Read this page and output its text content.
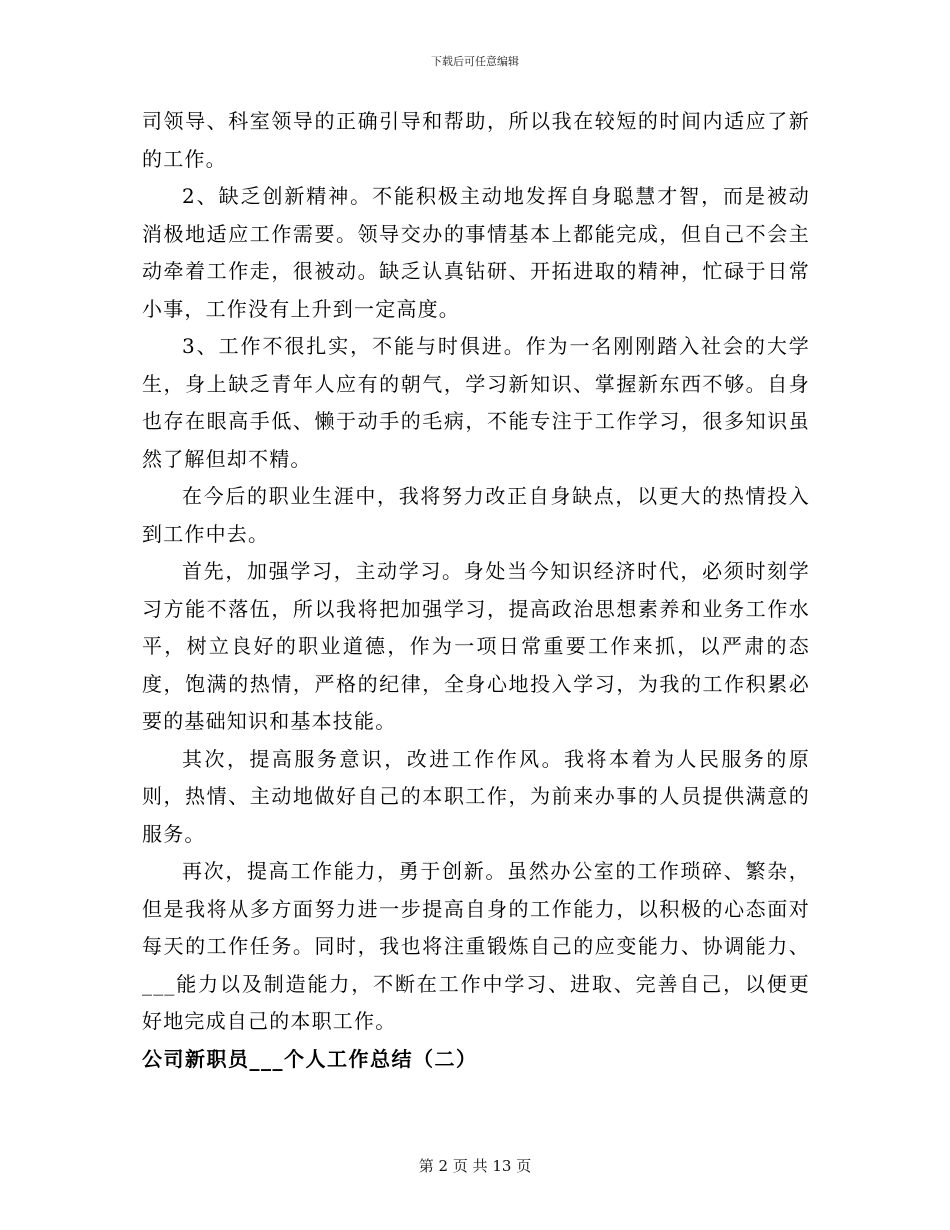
下载后可任意编辑

司领导、科室领导的正确引导和帮助，所以我在较短的时间内适应了新的工作。

2、缺乏创新精神。不能积极主动地发挥自身聪慧才智，而是被动消极地适应工作需要。领导交办的事情基本上都能完成，但自己不会主动牵着工作走，很被动。缺乏认真钻研、开拓进取的精神，忙碌于日常小事，工作没有上升到一定高度。

3、工作不很扎实，不能与时俱进。作为一名刚刚踏入社会的大学生，身上缺乏青年人应有的朝气，学习新知识、掌握新东西不够。自身也存在眼高手低、懒于动手的毛病，不能专注于工作学习，很多知识虽然了解但却不精。

在今后的职业生涯中，我将努力改正自身缺点，以更大的热情投入到工作中去。

首先，加强学习，主动学习。身处当今知识经济时代，必须时刻学习方能不落伍，所以我将把加强学习，提高政治思想素养和业务工作水平，树立良好的职业道德，作为一项日常重要工作来抓，以严肃的态度，饱满的热情，严格的纪律，全身心地投入学习，为我的工作积累必要的基础知识和基本技能。

其次，提高服务意识，改进工作作风。我将本着为人民服务的原则，热情、主动地做好自己的本职工作，为前来办事的人员提供满意的服务。

再次，提高工作能力，勇于创新。虽然办公室的工作琐碎、繁杂，但是我将从多方面努力进一步提高自身的工作能力，以积极的心态面对每天的工作任务。同时，我也将注重锻炼自己的应变能力、协调能力、___能力以及制造能力，不断在工作中学习、进取、完善自己，以便更好地完成自己的本职工作。

公司新职员___个人工作总结（二）

第 2 页 共 13 页
